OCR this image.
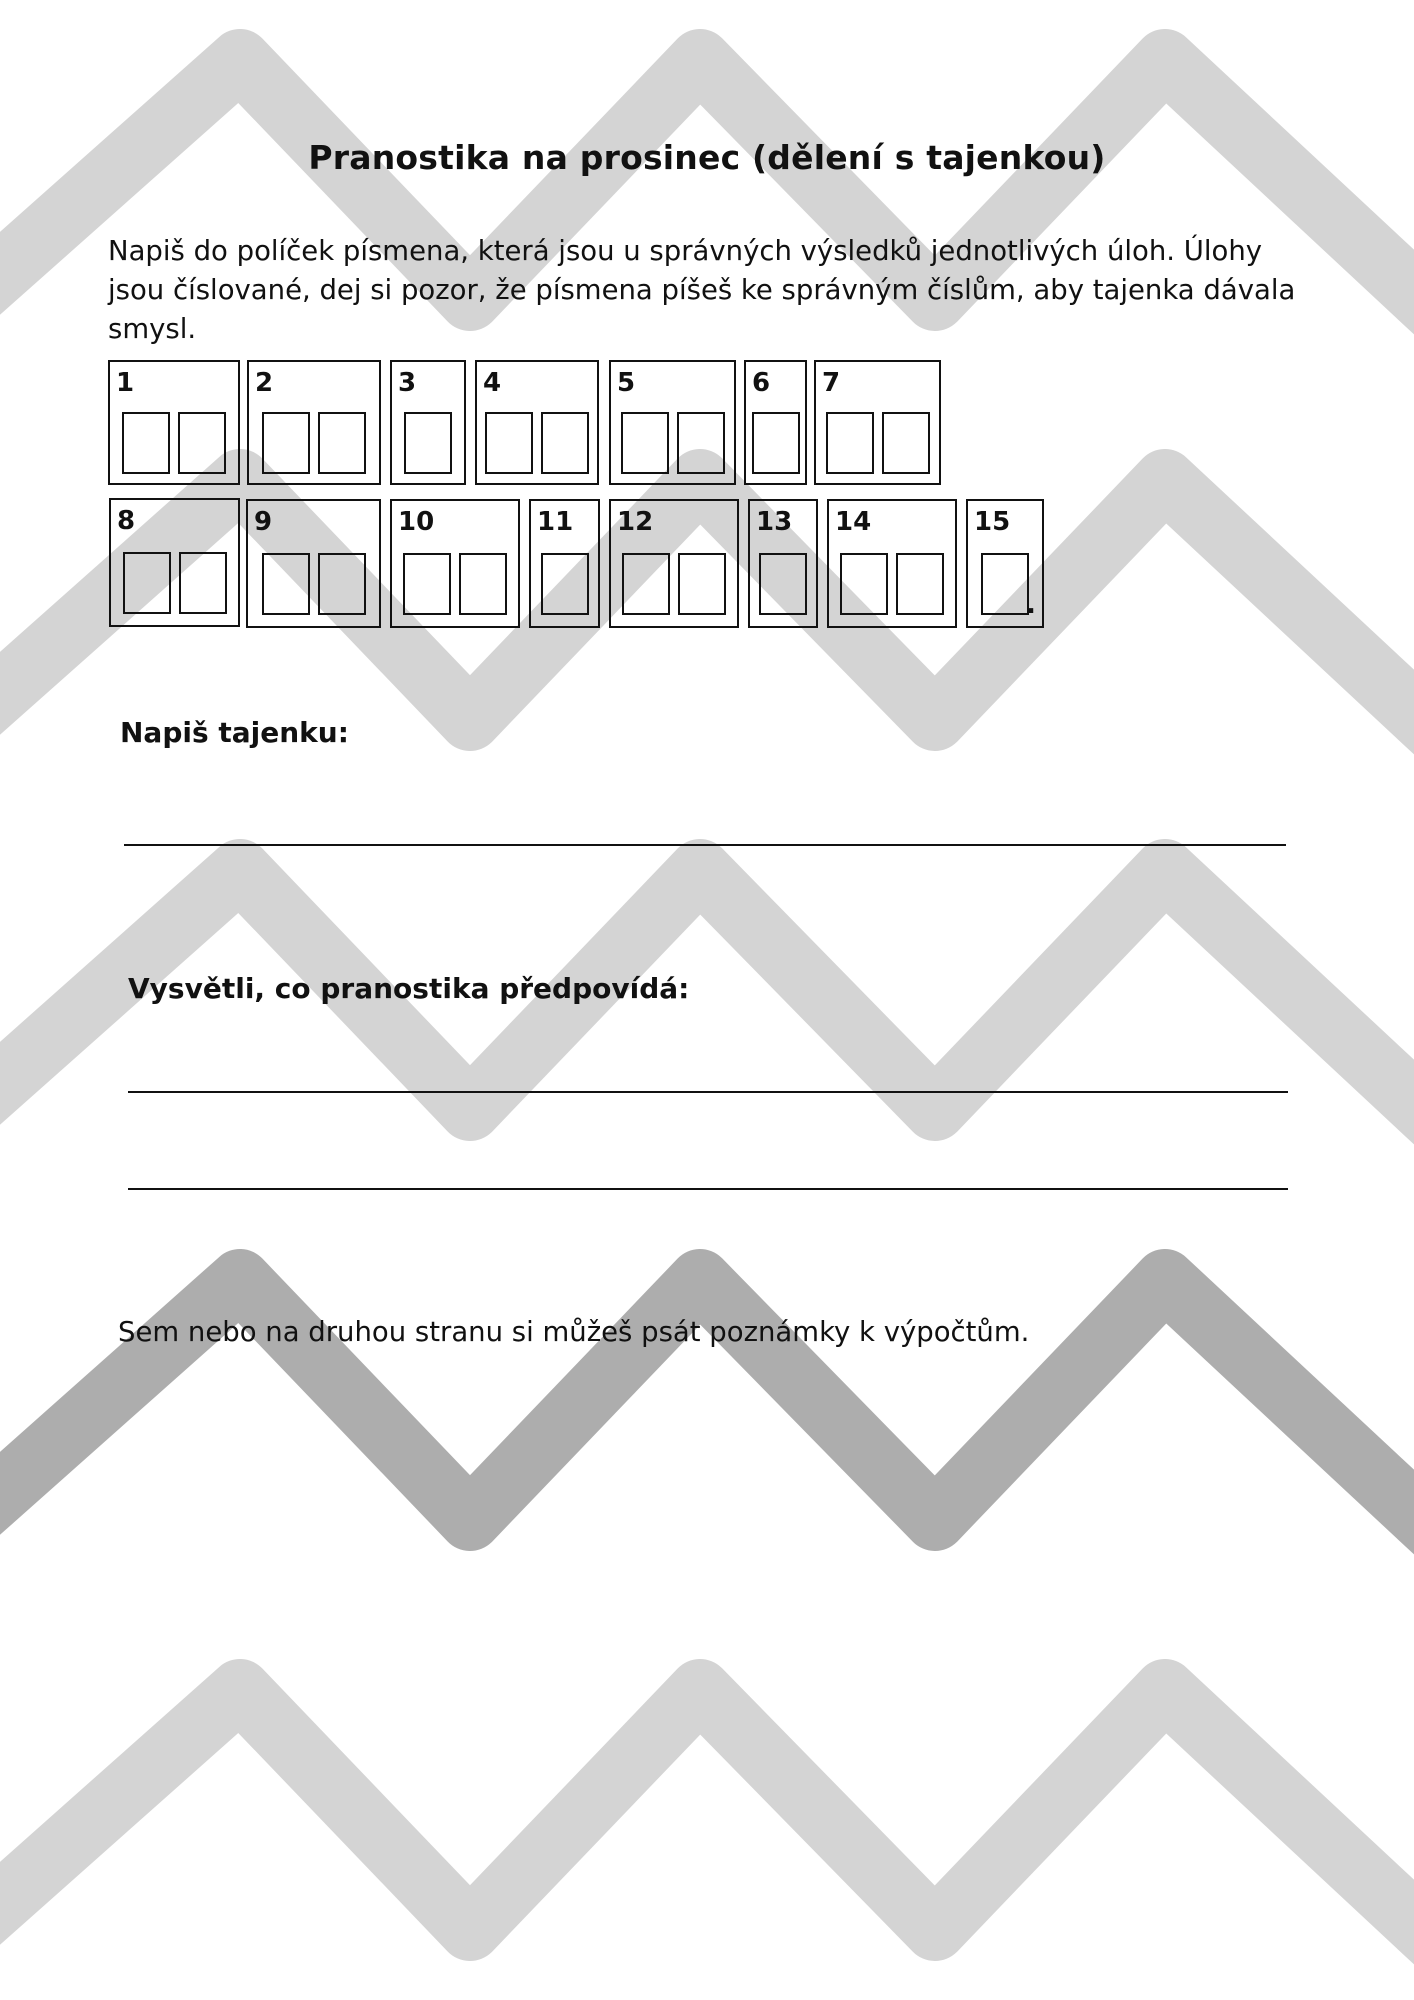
Pranostika na prosinec (dělení s tajenkou)

Napiš do políček písmena, která jsou u správných výsledků jednotlivých úloh. Úlohy jsou číslované, dej si pozor, že písmena píšeš ke správným číslům, aby tajenka dávala smysl.

1	2	3	4	5	6 7
8	9	10	11 12	13 14	15
.

Napiš tajenku:

Vysvětli, co pranostika předpovídá:

Sem nebo na druhou stranu si můžeš psát poznámky k výpočtům.
